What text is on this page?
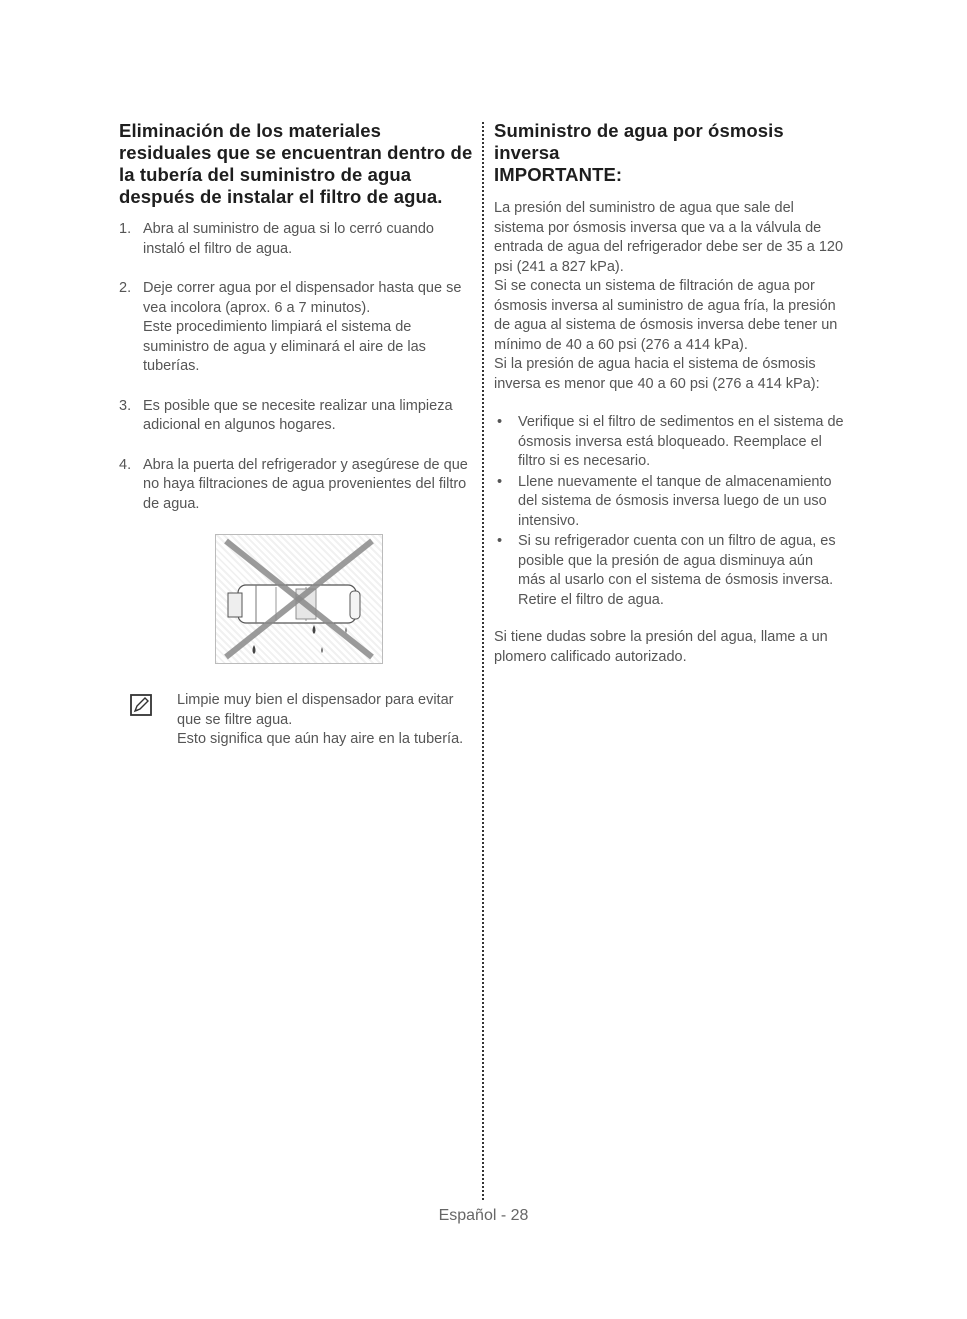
Eliminación de los materiales residuales que se encuentran dentro de la tubería del suministro de agua después de instalar el filtro de agua.
1. Abra al suministro de agua si lo cerró cuando instaló el filtro de agua.
2. Deje correr agua por el dispensador hasta que se vea incolora (aprox. 6 a 7 minutos).
Este procedimiento limpiará el sistema de suministro de agua y eliminará el aire de las tuberías.
3. Es posible que se necesite realizar una limpieza adicional en algunos hogares.
4. Abra la puerta del refrigerador y asegúrese de que no haya filtraciones de agua provenientes del filtro de agua.
Limpie muy bien el dispensador para evitar que se filtre agua.
Esto significa que aún hay aire en la tubería.
Suministro de agua por ósmosis inversa
IMPORTANTE:

La presión del suministro de agua que sale del sistema por ósmosis inversa que va a la válvula de entrada de agua del refrigerador debe ser de 35 a 120 psi (241 a 827 kPa).

Si se conecta un sistema de filtración de agua por ósmosis inversa al suministro de agua fría, la presión de agua al sistema de ósmosis inversa debe tener un mínimo de 40 a 60 psi (276 a 414 kPa).

Si la presión de agua hacia el sistema de ósmosis inversa es menor que 40 a 60 psi (276 a 414 kPa):

• Verifique si el filtro de sedimentos en el sistema de ósmosis inversa está bloqueado. Reemplace el filtro si es necesario.
• Llene nuevamente el tanque de almacenamiento del sistema de ósmosis inversa luego de un uso intensivo.
• Si su refrigerador cuenta con un filtro de agua, es posible que la presión de agua disminuya aún más al usarlo con el sistema de ósmosis inversa. Retire el filtro de agua.
Si tiene dudas sobre la presión del agua, llame a un plomero calificado autorizado.
Español - 28
